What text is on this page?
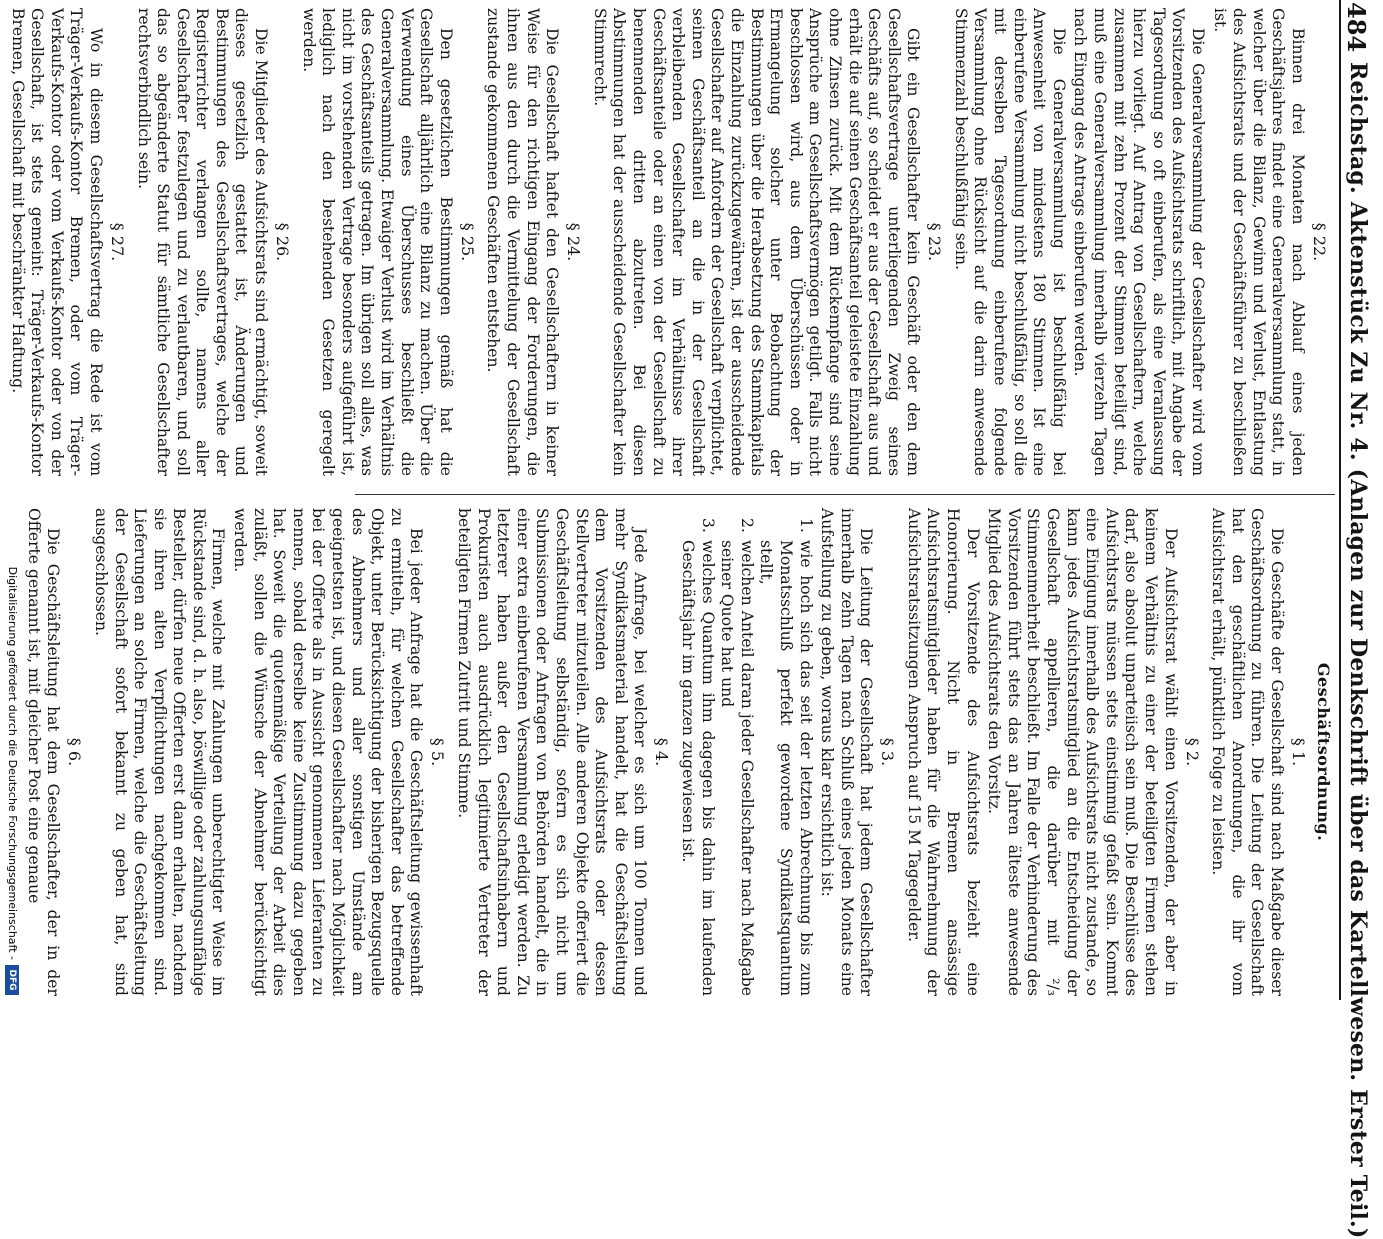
484

Reichstag. Aktenstück Zu Nr. 4. (Anlagen zur Denkschrift über das Kartellwesen. Erster Teil.)

§ 22.

Binnen drei Monaten nach Ablauf eines jeden Geschäftsjahres findet eine Generalversammlung statt, in welcher über die Bilanz, Gewinn und Verlust, Entlastung des Aufsichtsrats und der Geschäftsführer zu beschließen ist.

Die Generalversammlung der Gesellschafter wird vom Vorsitzenden des Aufsichtsrats schriftlich, mit Angabe der Tagesordnung so oft einberufen, als eine Veranlassung hierzu vorliegt. Auf Antrag von Gesellschaftern, welche zusammen mit zehn Prozent der Stimmen beteiligt sind, muß eine Generalversammlung innerhalb vierzehn Tagen nach Eingang des Antrags einberufen werden.

Die Generalversammlung ist beschlußfähig bei Anwesenheit von mindestens 180 Stimmen. Ist eine einberufene Versammlung nicht beschlußfähig, so soll die mit derselben Tagesordnung einberufene folgende Versammlung ohne Rücksicht auf die darin anwesende Stimmenzahl beschlußfähig sein.

§ 23.

Gibt ein Gesellschafter kein Geschäft oder den dem Gesellschaftsvertrage unterliegenden Zweig seines Geschäfts auf, so scheidet er aus der Gesellschaft aus und erhält die auf seinen Geschäftsanteil geleistete Einzahlung ohne Zinsen zurück. Mit dem Rückempfange sind seine Ansprüche am Gesellschaftsvermögen getilgt. Falls nicht beschlossen wird, aus dem Überschüssen oder in Ermangelung solcher unter Beobachtung der Bestimmungen über die Herabsetzung des Stammkapitals die Einzahlung zurückzugewähren, ist der ausscheidende Gesellschafter auf Anfordern der Gesellschaft verpflichtet, seinen Geschäftsanteil an die in der Gesellschaft verbleibenden Gesellschafter im Verhältnisse ihrer Geschäftsanteile oder an einen von der Gesellschaft zu benennenden dritten abzutreten. Bei diesen Abstimmungen hat der ausscheidende Gesellschafter kein Stimmrecht.

§ 24.

Die Gesellschaft haftet den Gesellschaftern in keiner Weise für den richtigen Eingang der Forderungen, die ihnen aus den durch die Vermittelung der Gesellschaft zustande gekommenen Geschäften entstehen.

§ 25.

Den gesetzlichen Bestimmungen gemäß hat die Gesellschaft alljährlich eine Bilanz zu machen. Über die Verwendung eines Überschusses beschließt die Generalversammlung. Etwaiger Verlust wird im Verhältnis des Geschäftsanteils getragen. Im übrigen soll alles, was nicht im vorstehenden Vertrage besonders aufgeführt ist, lediglich nach den bestehenden Gesetzen geregelt werden.

§ 26.

Die Mitglieder des Aufsichtsrats sind ermächtigt, soweit dieses gesetzlich gestattet ist, Änderungen und Bestimmungen des Gesellschaftsvertrages, welche der Registerrichter verlangen sollte, namens aller Gesellschafter festzulegen und zu verlautbaren, und soll das so abgeänderte Statut für sämtliche Gesellschafter rechtsverbindlich sein.

§ 27.

Wo in diesem Gesellschaftsvertrag die Rede ist vom Träger-Verkaufs-Kontor Bremen, oder vom Träger-Verkaufs-Kontor oder vom Verkaufs-Kontor oder von der Gesellschaft, ist stets gemeint: Träger-Verkaufs-Kontor Bremen, Gesellschaft mit beschränkter Haftung.

Geschäftsordnung.
§ 1.

Die Geschäfte der Gesellschaft sind nach Maßgabe dieser Geschäftsordnung zu führen. Die Leitung der Gesellschaft hat den geschäftlichen Anordnungen, die ihr vom Aufsichtsrat erhält, pünktlich Folge zu leisten.

§ 2.

Der Aufsichtsrat wählt einen Vorsitzenden, der aber in keinem Verhältnis zu einer der beteiligten Firmen stehen darf, also absolut unparteiisch sein muß. Die Beschlüsse des Aufsichtsrats müssen stets einstimmig gefaßt sein. Kommt eine Einigung innerhalb des Aufsichtsrats nicht zustande, so kann jedes Aufsichtsratsmitglied an die Entscheidung der Gesellschaft appellieren, die darüber mit ²/₃ Stimmenmehrheit beschließt. Im Falle der Verhinderung des Vorsitzenden führt stets das an Jahren älteste anwesende Mitglied des Aufsichtsrats den Vorsitz.

Der Vorsitzende des Aufsichtsrats bezieht eine Honorierung. Nicht in Bremen ansässige Aufsichtsratsmitglieder haben für die Wahrnehmung der Aufsichtsratssitzungen Anspruch auf 15 M Tagegelder.

§ 3.

Die Leitung der Gesellschaft hat jedem Gesellschafter innerhalb zehn Tagen nach Schluß eines jeden Monats eine Aufstellung zu geben, woraus klar ersichtlich ist:

1.
wie hoch sich das seit der letzten Abrechnung bis zum Monatsschluß perfekt gewordene Syndikatsquantum stellt,
2.
welchen Anteil daran jeder Gesellschafter nach Maßgabe seiner Quote hat und
3.
welches Quantum ihm dagegen bis dahin im laufenden Geschäftsjahr im ganzen zugewiesen ist.
§ 4.

Jede Anfrage, bei welcher es sich um 100 Tonnen und mehr Syndikatsmaterial handelt, hat die Geschäftsleitung dem Vorsitzenden des Aufsichtsrats oder dessen Stellvertreter mitzuteilen. Alle anderen Objekte offeriert die Geschäftsleitung selbständig, sofern es sich nicht um Submissionen oder Anfragen von Behörden handelt, die in einer extra einberufenen Versammlung erledigt werden. Zu letzterer haben außer den Gesellschaftsinhabern und Prokuristen auch ausdrücklich legitimierte Vertreter der beteiligten Firmen Zutritt und Stimme.

§ 5.

Bei jeder Anfrage hat die Geschäftsleitung gewissenhaft zu ermitteln, für welchen Gesellschafter das betreffende Objekt, unter Berücksichtigung der bisherigen Bezugsquelle des Abnehmers und aller sonstigen Umstände am geeignetsten ist, und diesen Gesellschafter nach Möglichkeit bei der Offerte als in Aussicht genommenen Lieferanten zu nennen, sobald derselbe keine Zustimmung dazu gegeben hat. Soweit die quotenmäßige Verteilung der Arbeit dies zuläßt, sollen die Wünsche der Abnehmer berücksichtigt werden.

Firmen, welche mit Zahlungen unberechtigter Weise im Rückstande sind, d. h. also, böswillige oder zahlungsunfähige Besteller, dürfen neue Offerten erst dann erhalten, nachdem sie ihren alten Verpflichtungen nachgekommen sind. Lieferungen an solche Firmen, welche die Geschäftsleitung der Gesellschaft sofort bekannt zu geben hat, sind ausgeschlossen.

§ 6.

Die Geschäftsleitung hat dem Gesellschafter, der in der Offerte genannt ist, mit gleicher Post eine genaue

Digitalisierung gefördert durch die Deutsche Forschungsgemeinschaft -

DFG
